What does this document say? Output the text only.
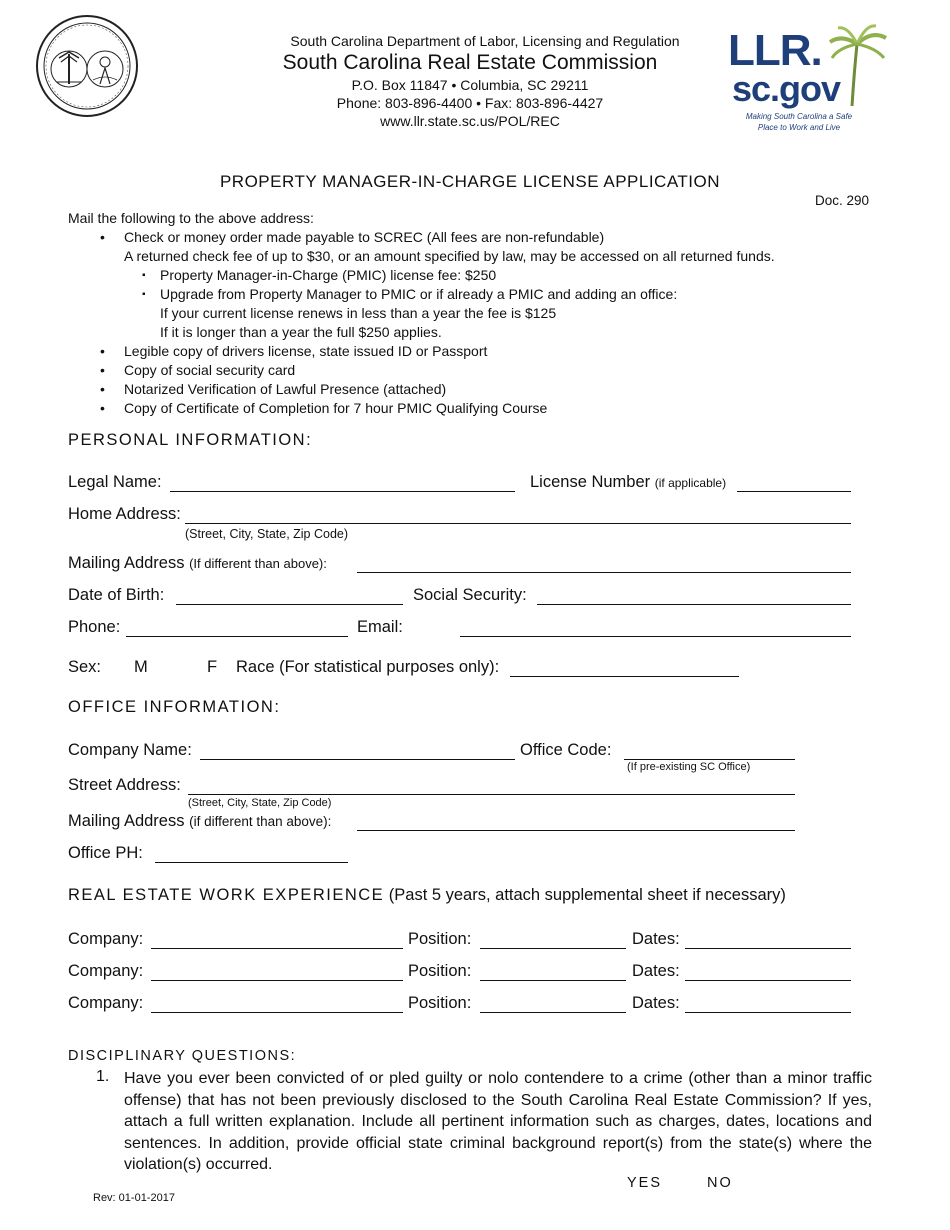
South Carolina Department of Labor, Licensing and Regulation
South Carolina Real Estate Commission
P.O. Box 11847 • Columbia, SC 29211
Phone: 803-896-4400 • Fax: 803-896-4427
www.llr.state.sc.us/POL/REC
LLR.
sc.gov
Making South Carolina a Safe
Place to Work and Live
PROPERTY MANAGER-IN-CHARGE LICENSE APPLICATION
Doc. 290
Mail the following to the above address:
• Check or money order made payable to SCREC (All fees are non-refundable)
A returned check fee of up to $30, or an amount specified by law, may be accessed on all returned funds.
▪ Property Manager-in-Charge (PMIC) license fee: $250
▪ Upgrade from Property Manager to PMIC or if already a PMIC and adding an office:
If your current license renews in less than a year the fee is $125
If it is longer than a year the full $250 applies.
• Legible copy of drivers license, state issued ID or Passport
• Copy of social security card
• Notarized Verification of Lawful Presence (attached)
• Copy of Certificate of Completion for 7 hour PMIC Qualifying Course
PERSONAL INFORMATION:
Legal Name:	License Number (if applicable)
Home Address:
(Street, City, State, Zip Code)
Mailing Address (If different than above):
Date of Birth:	Social Security:
Phone:	Email:
Sex: M	F Race (For statistical purposes only):
OFFICE INFORMATION:
Company Name:	Office Code:
(If pre-existing SC Office)
Street Address:
(Street, City, State, Zip Code)
Mailing Address (if different than above):
Office PH:
REAL ESTATE WORK EXPERIENCE (Past 5 years, attach supplemental sheet if necessary)
Company:	Position:	Dates:
Company:	Position:	Dates:
Company:	Position:	Dates:
DISCIPLINARY QUESTIONS:
1. Have you ever been convicted of or pled guilty or nolo contendere to a crime (other than a minor traffic offense) that has not been previously disclosed to the South Carolina Real Estate Commission? If yes, attach a full written explanation. Include all pertinent information such as charges, dates, locations and sentences. In addition, provide official state criminal background report(s) from the state(s) where the violation(s) occurred.
YES	NO
Rev: 01-01-2017
